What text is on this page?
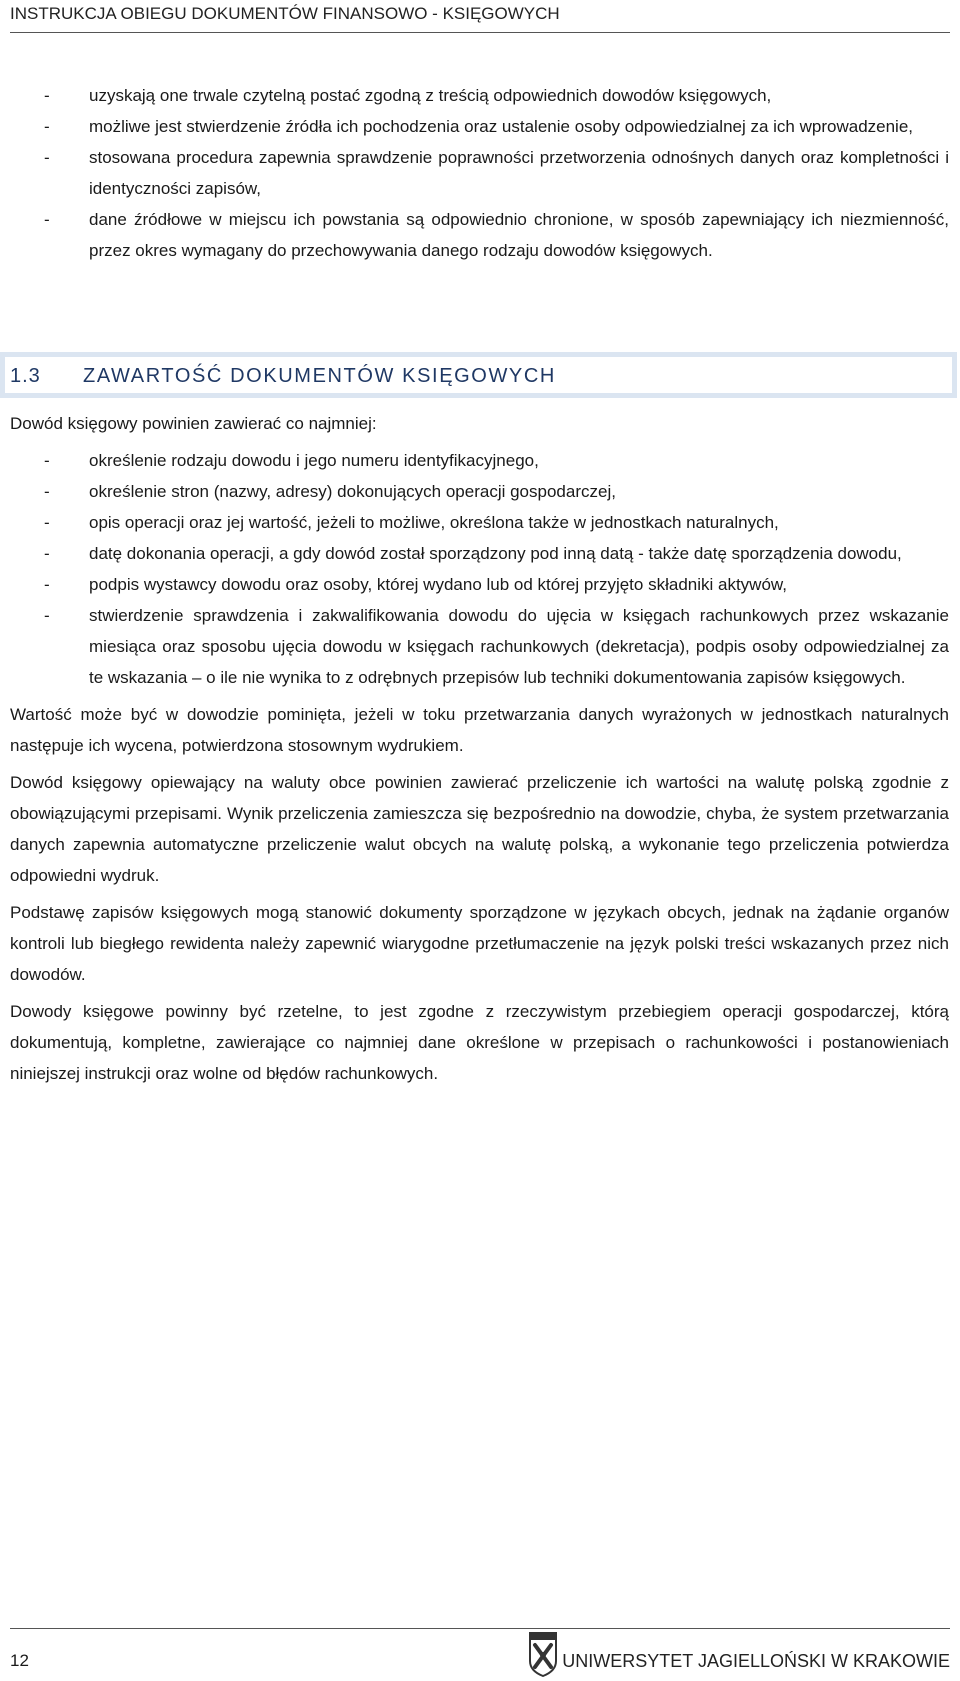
INSTRUKCJA OBIEGU DOKUMENTÓW FINANSOWO - KSIĘGOWYCH
- uzyskają one trwale czytelną postać zgodną z treścią odpowiednich dowodów księgowych,
- możliwe jest stwierdzenie źródła ich pochodzenia oraz ustalenie osoby odpowiedzialnej za ich wprowadzenie,
- stosowana procedura zapewnia sprawdzenie poprawności przetworzenia odnośnych danych oraz kompletności i identyczności zapisów,
- dane źródłowe w miejscu ich powstania są odpowiednio chronione, w sposób zapewniający ich niezmienność, przez okres wymagany do przechowywania danego rodzaju dowodów księgowych.
1.3 ZAWARTOŚĆ DOKUMENTÓW KSIĘGOWYCH

Dowód księgowy powinien zawierać co najmniej:

- określenie rodzaju dowodu i jego numeru identyfikacyjnego,
- określenie stron (nazwy, adresy) dokonujących operacji gospodarczej,
- opis operacji oraz jej wartość, jeżeli to możliwe, określona także w jednostkach naturalnych,
- datę dokonania operacji, a gdy dowód został sporządzony pod inną datą - także datę sporządzenia dowodu,
- podpis wystawcy dowodu oraz osoby, której wydano lub od której przyjęto składniki aktywów,
- stwierdzenie sprawdzenia i zakwalifikowania dowodu do ujęcia w księgach rachunkowych przez wskazanie miesiąca oraz sposobu ujęcia dowodu w księgach rachunkowych (dekretacja), podpis osoby odpowiedzialnej za te wskazania – o ile nie wynika to z odrębnych przepisów lub techniki dokumentowania zapisów księgowych.

Wartość może być w dowodzie pominięta, jeżeli w toku przetwarzania danych wyrażonych w jednostkach naturalnych następuje ich wycena, potwierdzona stosownym wydrukiem.

Dowód księgowy opiewający na waluty obce powinien zawierać przeliczenie ich wartości na walutę polską zgodnie z obowiązującymi przepisami. Wynik przeliczenia zamieszcza się bezpośrednio na dowodzie, chyba, że system przetwarzania danych zapewnia automatyczne przeliczenie walut obcych na walutę polską, a wykonanie tego przeliczenia potwierdza odpowiedni wydruk.

Podstawę zapisów księgowych mogą stanowić dokumenty sporządzone w językach obcych, jednak na żądanie organów kontroli lub biegłego rewidenta należy zapewnić wiarygodne przetłumaczenie na język polski treści wskazanych przez nich dowodów.

Dowody księgowe powinny być rzetelne, to jest zgodne z rzeczywistym przebiegiem operacji gospodarczej, którą dokumentują, kompletne, zawierające co najmniej dane określone w przepisach o rachunkowości i postanowieniach niniejszej instrukcji oraz wolne od błędów rachunkowych.

12	UNIWERSYTET JAGIELLOŃSKI W KRAKOWIE
